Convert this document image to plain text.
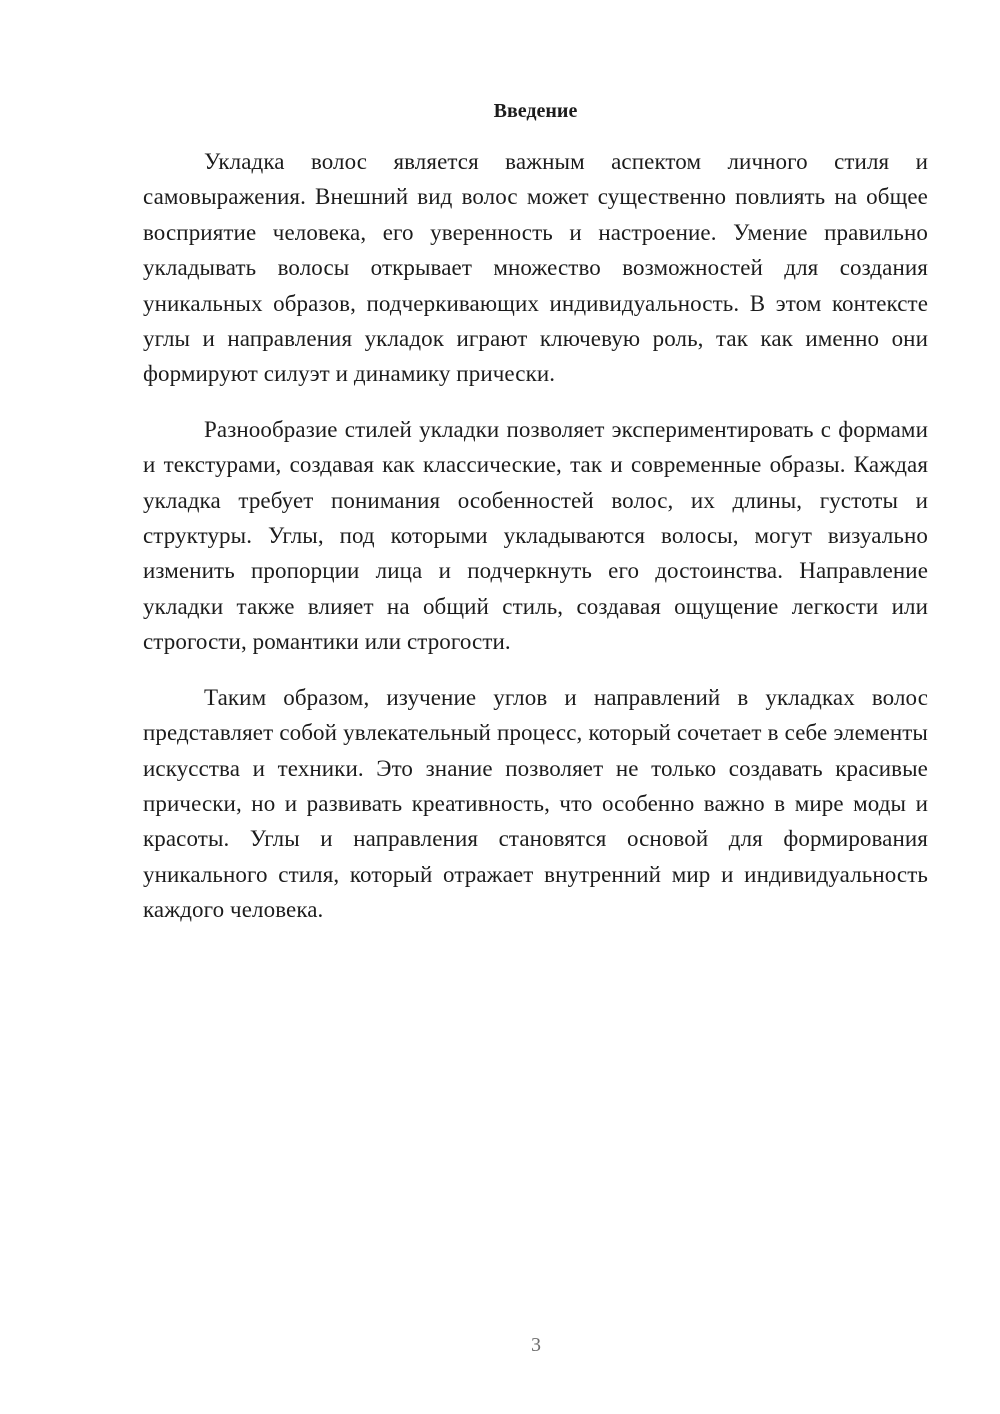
Введение

Укладка волос является важным аспектом личного стиля и самовыражения. Внешний вид волос может существенно повлиять на общее восприятие человека, его уверенность и настроение. Умение правильно укладывать волосы открывает множество возможностей для создания уникальных образов, подчеркивающих индивидуальность. В этом контексте углы и направления укладок играют ключевую роль, так как именно они формируют силуэт и динамику прически.

Разнообразие стилей укладки позволяет экспериментировать с формами и текстурами, создавая как классические, так и современные образы. Каждая укладка требует понимания особенностей волос, их длины, густоты и структуры. Углы, под которыми укладываются волосы, могут визуально изменить пропорции лица и подчеркнуть его достоинства. Направление укладки также влияет на общий стиль, создавая ощущение легкости или строгости, романтики или строгости.

Таким образом, изучение углов и направлений в укладках волос представляет собой увлекательный процесс, который сочетает в себе элементы искусства и техники. Это знание позволяет не только создавать красивые прически, но и развивать креативность, что особенно важно в мире моды и красоты. Углы и направления становятся основой для формирования уникального стиля, который отражает внутренний мир и индивидуальность каждого человека.

3
